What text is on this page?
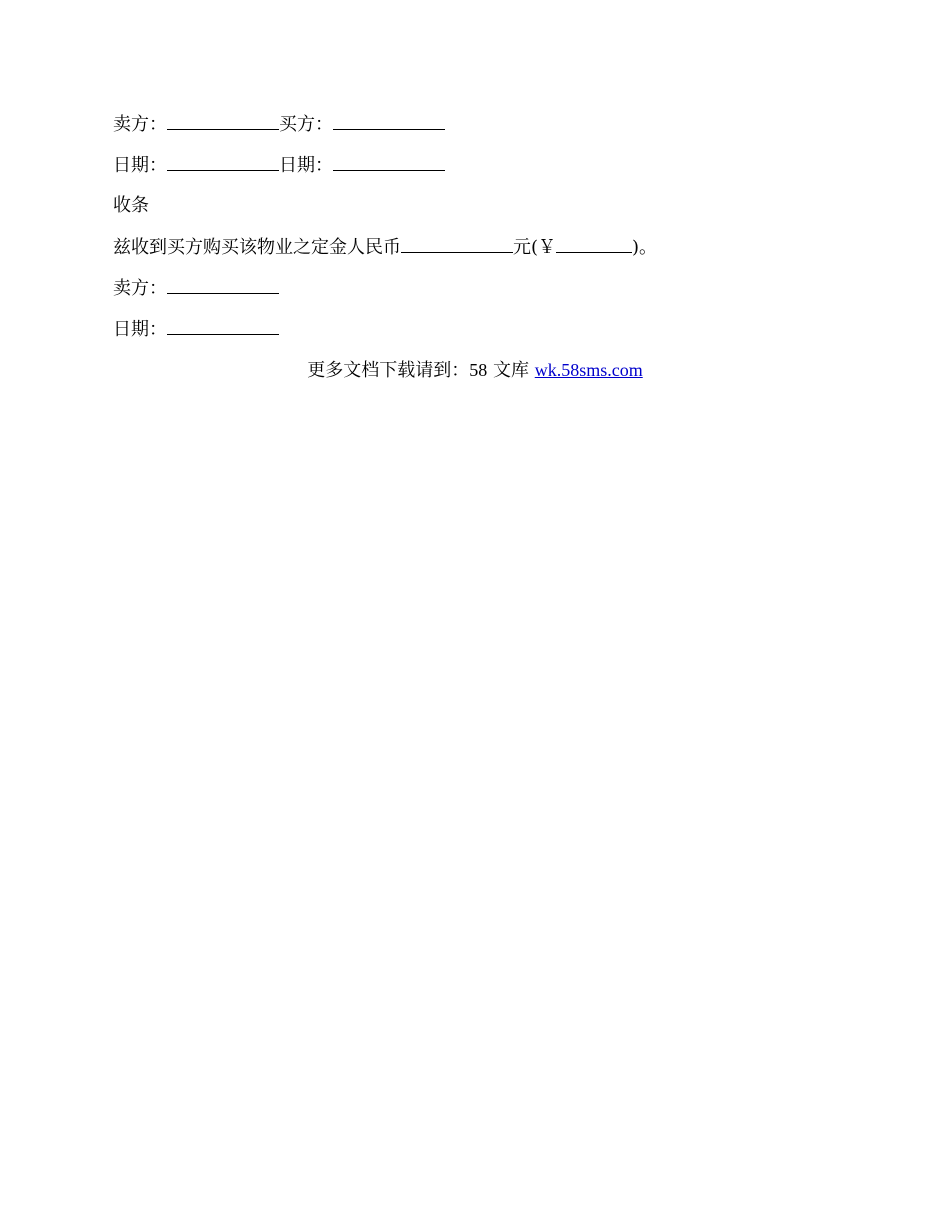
卖方：	买方：
日期：	日期：
收条
兹收到买方购买该物业之定金人民币	元(￥	)。
卖方：
日期：
更多文档下载请到：58 文库 wk.58sms.com
